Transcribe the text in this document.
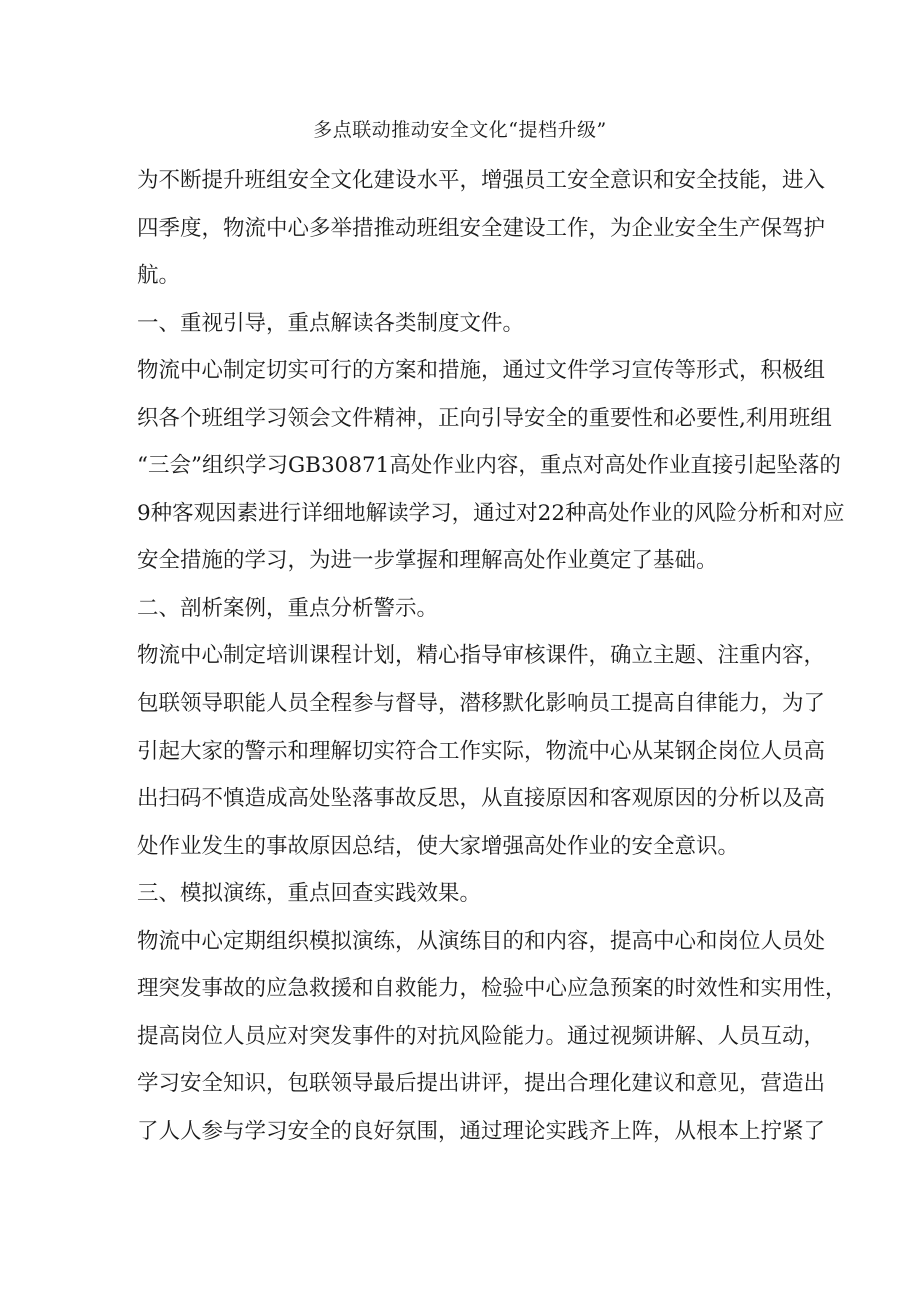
多点联动推动安全文化“提档升级”
为不断提升班组安全文化建设水平，增强员工安全意识和安全技能，进入
四季度，物流中心多举措推动班组安全建设工作，为企业安全生产保驾护
航。
一、重视引导，重点解读各类制度文件。
物流中心制定切实可行的方案和措施，通过文件学习宣传等形式，积极组
织各个班组学习领会文件精神，正向引导安全的重要性和必要性,利用班组
“三会”组织学习GB30871高处作业内容，重点对高处作业直接引起坠落的
9种客观因素进行详细地解读学习，通过对22种高处作业的风险分析和对应
安全措施的学习，为进一步掌握和理解高处作业奠定了基础。
二、剖析案例，重点分析警示。
物流中心制定培训课程计划，精心指导审核课件，确立主题、注重内容，
包联领导职能人员全程参与督导，潜移默化影响员工提高自律能力，为了
引起大家的警示和理解切实符合工作实际，物流中心从某钢企岗位人员高
出扫码不慎造成高处坠落事故反思，从直接原因和客观原因的分析以及高
处作业发生的事故原因总结，使大家增强高处作业的安全意识。
三、模拟演练，重点回查实践效果。
物流中心定期组织模拟演练，从演练目的和内容，提高中心和岗位人员处
理突发事故的应急救援和自救能力，检验中心应急预案的时效性和实用性，
提高岗位人员应对突发事件的对抗风险能力。通过视频讲解、人员互动，
学习安全知识，包联领导最后提出讲评，提出合理化建议和意见，营造出
了人人参与学习安全的良好氛围，通过理论实践齐上阵，从根本上拧紧了
